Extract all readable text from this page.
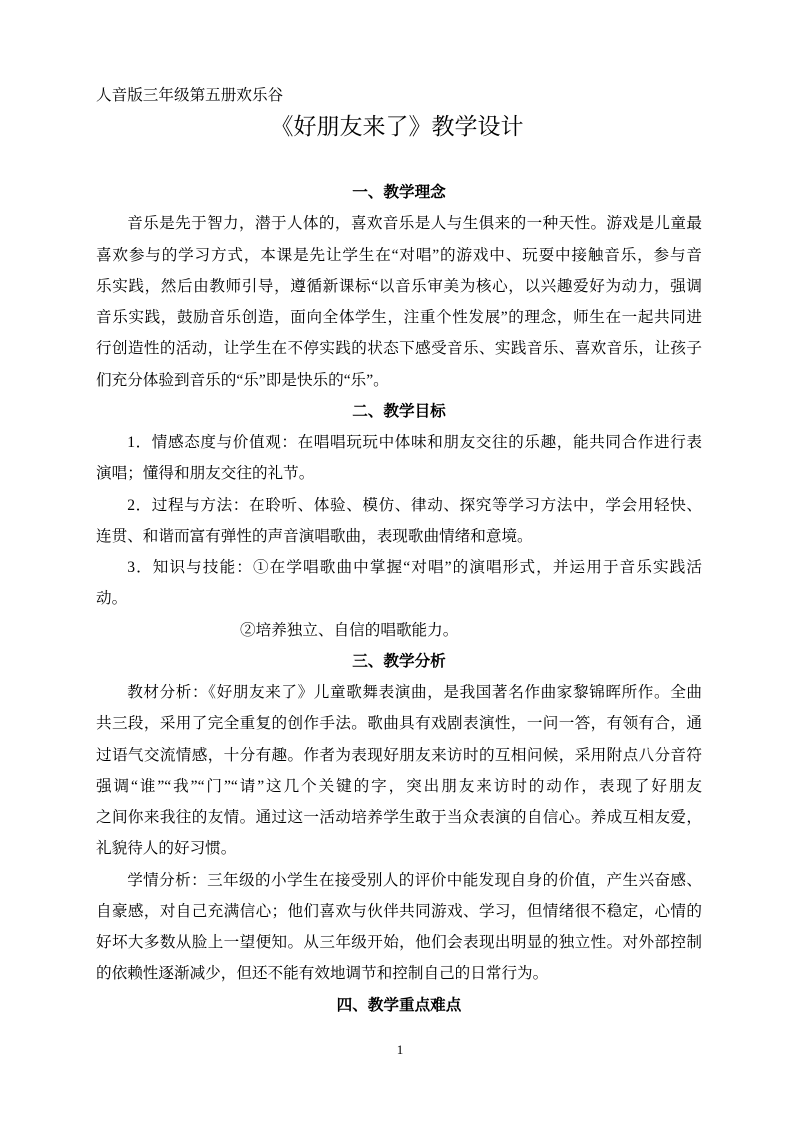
人音版三年级第五册欢乐谷
《好朋友来了》教学设计
一、教学理念
音乐是先于智力，潜于人体的，喜欢音乐是人与生俱来的一种天性。游戏是儿童最
喜欢参与的学习方式，本课是先让学生在“对唱”的游戏中、玩耍中接触音乐，参与音
乐实践，然后由教师引导，遵循新课标“以音乐审美为核心，以兴趣爱好为动力，强调
音乐实践，鼓励音乐创造，面向全体学生，注重个性发展”的理念，师生在一起共同进
行创造性的活动，让学生在不停实践的状态下感受音乐、实践音乐、喜欢音乐，让孩子
们充分体验到音乐的“乐”即是快乐的“乐”。
二、教学目标
1．情感态度与价值观：在唱唱玩玩中体味和朋友交往的乐趣，能共同合作进行表
演唱；懂得和朋友交往的礼节。
2．过程与方法：在聆听、体验、模仿、律动、探究等学习方法中，学会用轻快、
连贯、和谐而富有弹性的声音演唱歌曲，表现歌曲情绪和意境。
3．知识与技能：①在学唱歌曲中掌握“对唱”的演唱形式，并运用于音乐实践活
动。
②培养独立、自信的唱歌能力。
三、教学分析
教材分析：《好朋友来了》儿童歌舞表演曲，是我国著名作曲家黎锦晖所作。全曲
共三段，采用了完全重复的创作手法。歌曲具有戏剧表演性，一问一答，有领有合，通
过语气交流情感，十分有趣。作者为表现好朋友来访时的互相问候，采用附点八分音符
强调“谁”“我”“门”“请”这几个关键的字，突出朋友来访时的动作，表现了好朋友
之间你来我往的友情。通过这一活动培养学生敢于当众表演的自信心。养成互相友爱，
礼貌待人的好习惯。
学情分析：三年级的小学生在接受别人的评价中能发现自身的价值，产生兴奋感、
自豪感，对自己充满信心；他们喜欢与伙伴共同游戏、学习，但情绪很不稳定，心情的
好坏大多数从脸上一望便知。从三年级开始，他们会表现出明显的独立性。对外部控制
的依赖性逐渐减少，但还不能有效地调节和控制自己的日常行为。
四、教学重点难点
1
